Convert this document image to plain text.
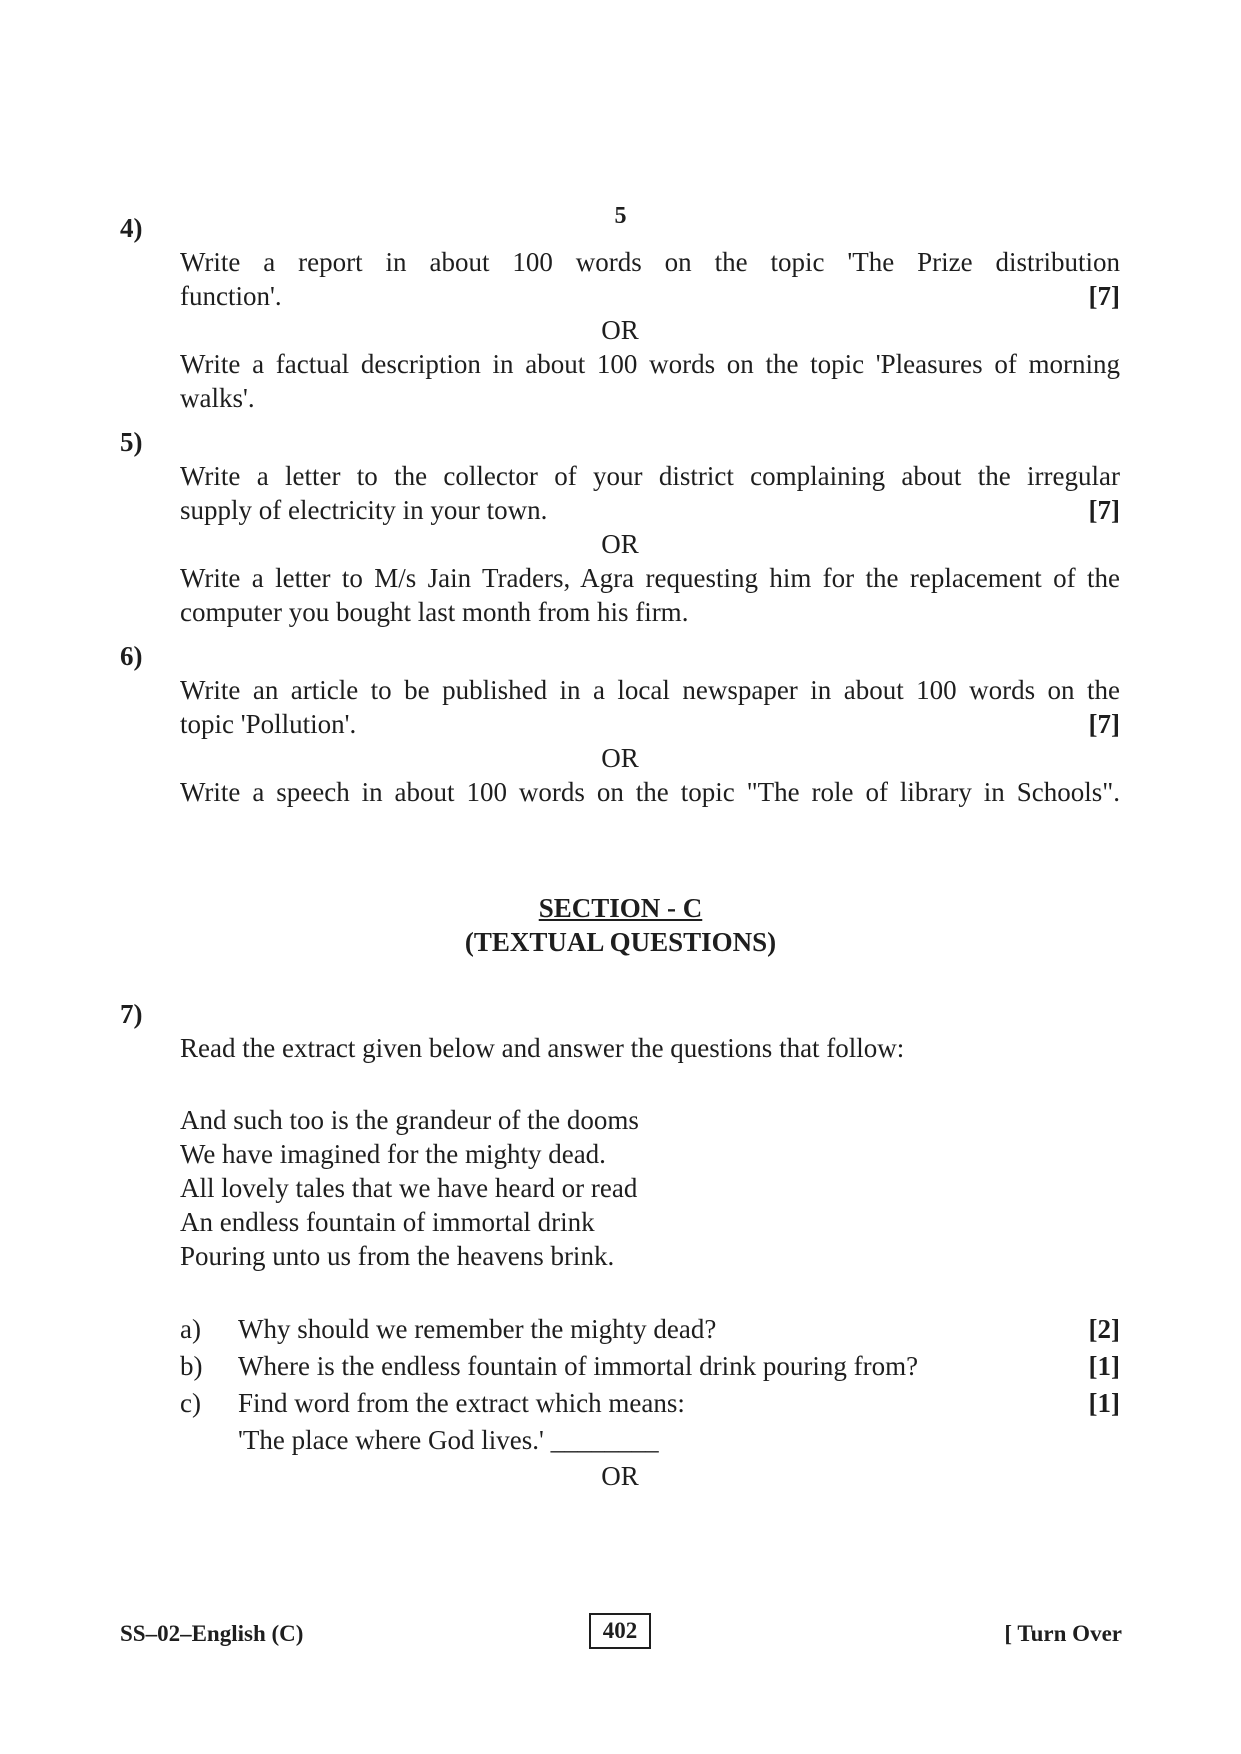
5
4)
Write a report in about 100 words on the topic 'The Prize distribution
function'.	[7]
OR
Write a factual description in about 100 words on the topic 'Pleasures of morning
walks'.
5)
Write a letter to the collector of your district complaining about the irregular
supply of electricity in your town.	[7]
OR
Write a letter to M/s Jain Traders, Agra requesting him for the replacement of the
computer you bought last month from his firm.
6)
Write an article to be published in a local newspaper in about 100 words on the
topic 'Pollution'.	[7]
OR
Write a speech in about 100 words on the topic "The role of library in Schools".
SECTION - C
(TEXTUAL QUESTIONS)
7)
Read the extract given below and answer the questions that follow:
And such too is the grandeur of the dooms
We have imagined for the mighty dead.
All lovely tales that we have heard or read
An endless fountain of immortal drink
Pouring unto us from the heavens brink.
a) Why should we remember the mighty dead?	[2]
b) Where is the endless fountain of immortal drink pouring from?	[1]
c) Find word from the extract which means:	[1]
'The place where God lives.' ________
OR
SS–02–English (C)	402	[ Turn Over
